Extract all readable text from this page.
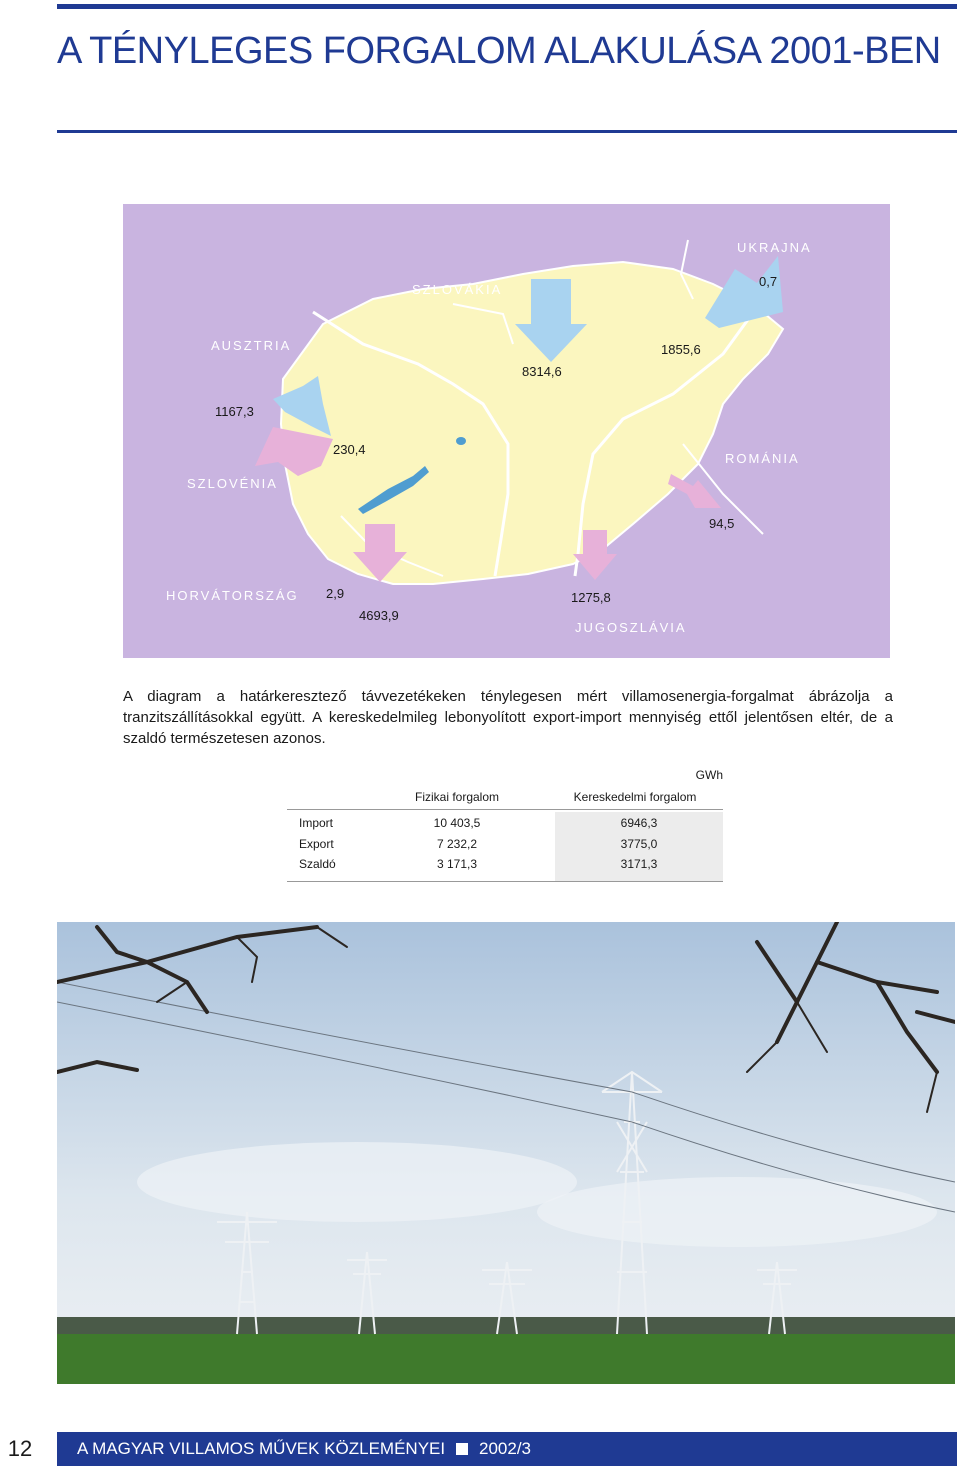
A TÉNYLEGES FORGALOM ALAKULÁSA 2001-BEN
UKRAJNA
0,7
SZLOVÁKIA
AUSZTRIA	1855,6
8314,6
1167,3
230,4
ROMÁNIA
SZLOVÉNIA
94,5
HORVÁTORSZÁG 2,9	1275,8
4693,9
JUGOSZLÁVIA

A diagram a határkeresztező távvezetékeken ténylegesen mért villamosenergia-forgalmat ábrázolja a tranzitszállításokkal együtt. A kereskedelmileg lebonyolított export-import mennyiség ettől jelentősen eltér, de a szaldó természetesen azonos.

GWh
Fizikai forgalom	Kereskedelmi forgalom
Import	10 403,5	6946,3
Export	7 232,2	3775,0
Szaldó	3 171,3	3171,3
12	A MAGYAR VILLAMOS MŰVEK KÖZLEMÉNYEI 2002/3
